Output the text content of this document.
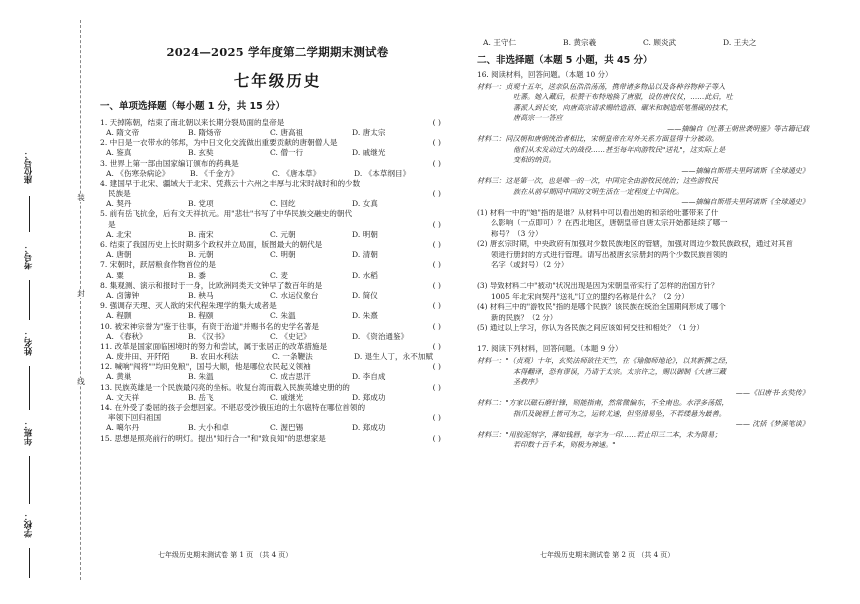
座位号：
考号：
姓名：
年班：
学校：
装
封
线
2024—2025 学年度第二学期期末测试卷
七年级历史
一、单项选择题（每小题 1 分，共 15 分）
1. 天掉陈朝，结束了南北朝以来长期分裂局面的皇帝是	( )
A. 隋文帝	B. 隋炀帝	C. 唐高祖	D. 唐太宗
2. 中日是一衣带水的邻邦，为中日文化交流做出重要贡献的唐朝僧人是	( )
A. 鉴真	B. 玄奘	C. 僧一行	D. 戚继光
3. 世界上第一部由国家编订颁布的药典是	( )
A. 《伤寒杂病论》	B. 《千金方》	C. 《唐本草》	D. 《本草纲目》
4. 建国早于北宋、疆域大于北宋、凭燕云十六州之丰厚与北宋时战时和的少数
民族是	( )
A. 契丹	B. 党项	C. 回纥	D. 女真
5. 前有岳飞抗金，后有文天祥抗元。用"悲壮"书写了中华民族交融史的朝代
是	( )
A. 北宋	B. 南宋	C. 元朝	D. 明朝
6. 结束了我国历史上长时期多个政权并立局面，版图最大的朝代是	( )
A. 唐朝	B. 元朝	C. 明朝	D. 清朝
7. 宋朝时，跃居粮食作物首位的是	( )
A. 粟	B. 黍	C. 麦	D. 水稻
8. 集观测、演示和报时于一身，比欧洲同类天文钟早了数百年的是	( )
A. 卤簿钟	B. 秧马	C. 水运仪象台	D. 简仪
9. 强调存天理、灭人欲的宋代程朱理学的集大成者是	( )
A. 程颢	B. 程颐	C. 朱温	D. 朱熹
10. 被宋神宗誉为"鉴于往事，有资于治道"并赐书名的史学名著是	( )
A. 《春秋》	B. 《汉书》	C. 《史记》	D. 《资治通鉴》
11. 改革是国家面临困境时的努力和尝试，属于张居正的改革措施是	( )
A. 废井田、开阡陌	B. 农田水利法	C. 一条鞭法	D. 退生人丁，永不加赋
12. 喊响"闯将""均田免粮"，国号大顺，他是哪位农民起义领袖	( )
A. 黄巢	B. 朱温	C. 成吉思汗	D. 李自成
13. 民族英雄是一个民族最闪亮的坐标。收复台湾而载入民族英雄史册的的	( )
A. 文天祥	B. 岳飞	C. 戚继光	D. 郑成功
14. 在外受了委屈的孩子会想回家。不堪忍受沙俄压迫的土尔扈特在哪位首领的
率领下回归祖国	( )
A. 噶尔丹	B. 大小和卓	C. 渥巴锡	D. 郑成功
15. 思想是照亮前行的明灯。提出"知行合一"和"致良知"的思想家是	( )
七年级历史期末测试卷 第 1 页 （共 4 页）
A. 王守仁	B. 黄宗羲	C. 顾炎武	D. 王夫之
二、非选择题（本题 5 小题，共 45 分）
16. 阅读材料，回答问题。（本题 10 分）
材料一：贞观十五年，送亲队伍浩浩荡荡，携带诸多物品以及各种谷物种子等入
吐蕃。她入藏后，松赞干布特地换了唐服，设仿唐仪仗，……此后，吐
蕃派人到长安，向唐高宗请求赐给造酒、碾米和制造纸笔墨砚的技术，
唐高宗一一答应
——摘编自《吐蕃王朝世袭明鉴》等古籍记载
材料二：同汉朝和唐朝统治者相比，宋朝皇帝在对外关系方面显得十分被动。
他们从未发动过大的战役……甚至每年向游牧民"送礼"，这实际上是
变相的纳贡。
——摘编自斯塔夫里阿诺斯《全球通史》
材料三：这是第一次，也是唯一的一次，中国完全由游牧民统治；这些游牧民
族在从前早期同中国的文明生活在一定程度上中国化。
——摘编自斯塔夫里阿诺斯《全球通史》
(1) 材料一中的"她"指的是谁？从材料中可以看出她的和亲给吐蕃带来了什
么影响（一点即可）？在西北地区，唐朝皇帝自唐太宗开始都延续了哪一
称号？（3 分）
(2) 唐玄宗时期，中央政府有加强对少数民族地区的管辖，加强对周边少数民族政权，通过对其首
领进行册封的方式进行管理。请写出被唐玄宗册封的两个少数民族首领的
名字（或封号）（2 分）
(3) 导致材料二中"被动"状况出现是因为宋朝皇帝实行了怎样的治国方针？
1005 年北宋向契丹"送礼"订立的盟约名称是什么？（2 分）
(4) 材料三中的"游牧民"指的是哪个民族？该民族在统治全国期间形成了哪个
新的民族？（2 分）
(5) 通过以上学习，你认为各民族之间应该如何交往和相处？（1 分）
17. 阅读下列材料，回答问题。（本题 9 分）
材料一："（贞观）十年，玄奘法师欲往天竺，在《瑜伽师地论》，以其新撰之经，
本得翻译，恐有谬误，乃请于太宗。太宗许之，赐以御制《大唐三藏
圣教序》
——《旧唐书·玄奘传》
材料二："方家以磁石磨针锋，则能指南，然常微偏东，不全南也。水浮多荡摇，
指爪及碗唇上皆可为之，运转尤速，但坚滑易坠，不若缕悬为最善。
—— 沈括《梦溪笔谈》
材料三："用胶泥刻字，薄如钱唇，每字为一印……若止印三二本，未为简易；
若印数十百千本，则极为神速。"
七年级历史期末测试卷 第 2 页 （共 4 页）
